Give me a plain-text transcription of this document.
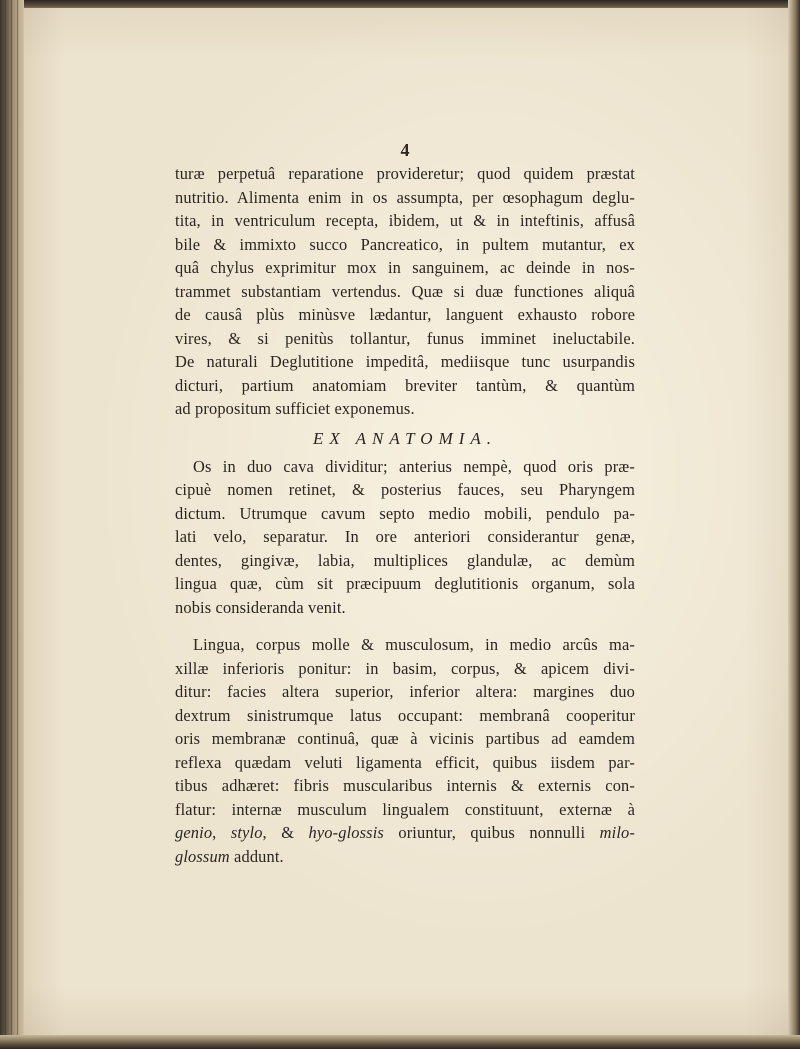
4
turæ perpetuâ reparatione provideretur; quod quidem præstat
nutritio. Alimenta enim in os assumpta, per œsophagum deglu-
tita, in ventriculum recepta, ibidem, ut & in inteftinis, affusâ
bile & immixto succo Pancreatico, in pultem mutantur, ex
quâ chylus exprimitur mox in sanguinem, ac deinde in nos-
trammet substantiam vertendus. Quæ si duæ functiones aliquâ
de causâ plùs minùsve lædantur, languent exhausto robore
vires, & si penitùs tollantur, funus imminet ineluctabile.
De naturali Deglutitione impeditâ, mediisque tunc usurpandis
dicturi, partium anatomiam breviter tantùm, & quantùm
ad propositum sufficiet exponemus.
EX ANATOMIA.
Os in duo cava dividitur; anterius nempè, quod oris præ-
cipuè nomen retinet, & posterius fauces, seu Pharyngem
dictum. Utrumque cavum septo medio mobili, pendulo pa-
lati velo, separatur. In ore anteriori considerantur genæ,
dentes, gingivæ, labia, multiplices glandulæ, ac demùm
lingua quæ, cùm sit præcipuum deglutitionis organum, sola
nobis consideranda venit.
Lingua, corpus molle & musculosum, in medio arcûs ma-
xillæ inferioris ponitur: in basim, corpus, & apicem divi-
ditur: facies altera superior, inferior altera: margines duo
dextrum sinistrumque latus occupant: membranâ cooperitur
oris membranæ continuâ, quæ à vicinis partibus ad eamdem
reflexa quædam veluti ligamenta efficit, quibus iisdem par-
tibus adhæret: fibris muscularibus internis & externis con-
flatur: internæ musculum lingualem constituunt, externæ à
genio, stylo, & hyo-glossis oriuntur, quibus nonnulli milo-
glossum addunt.
